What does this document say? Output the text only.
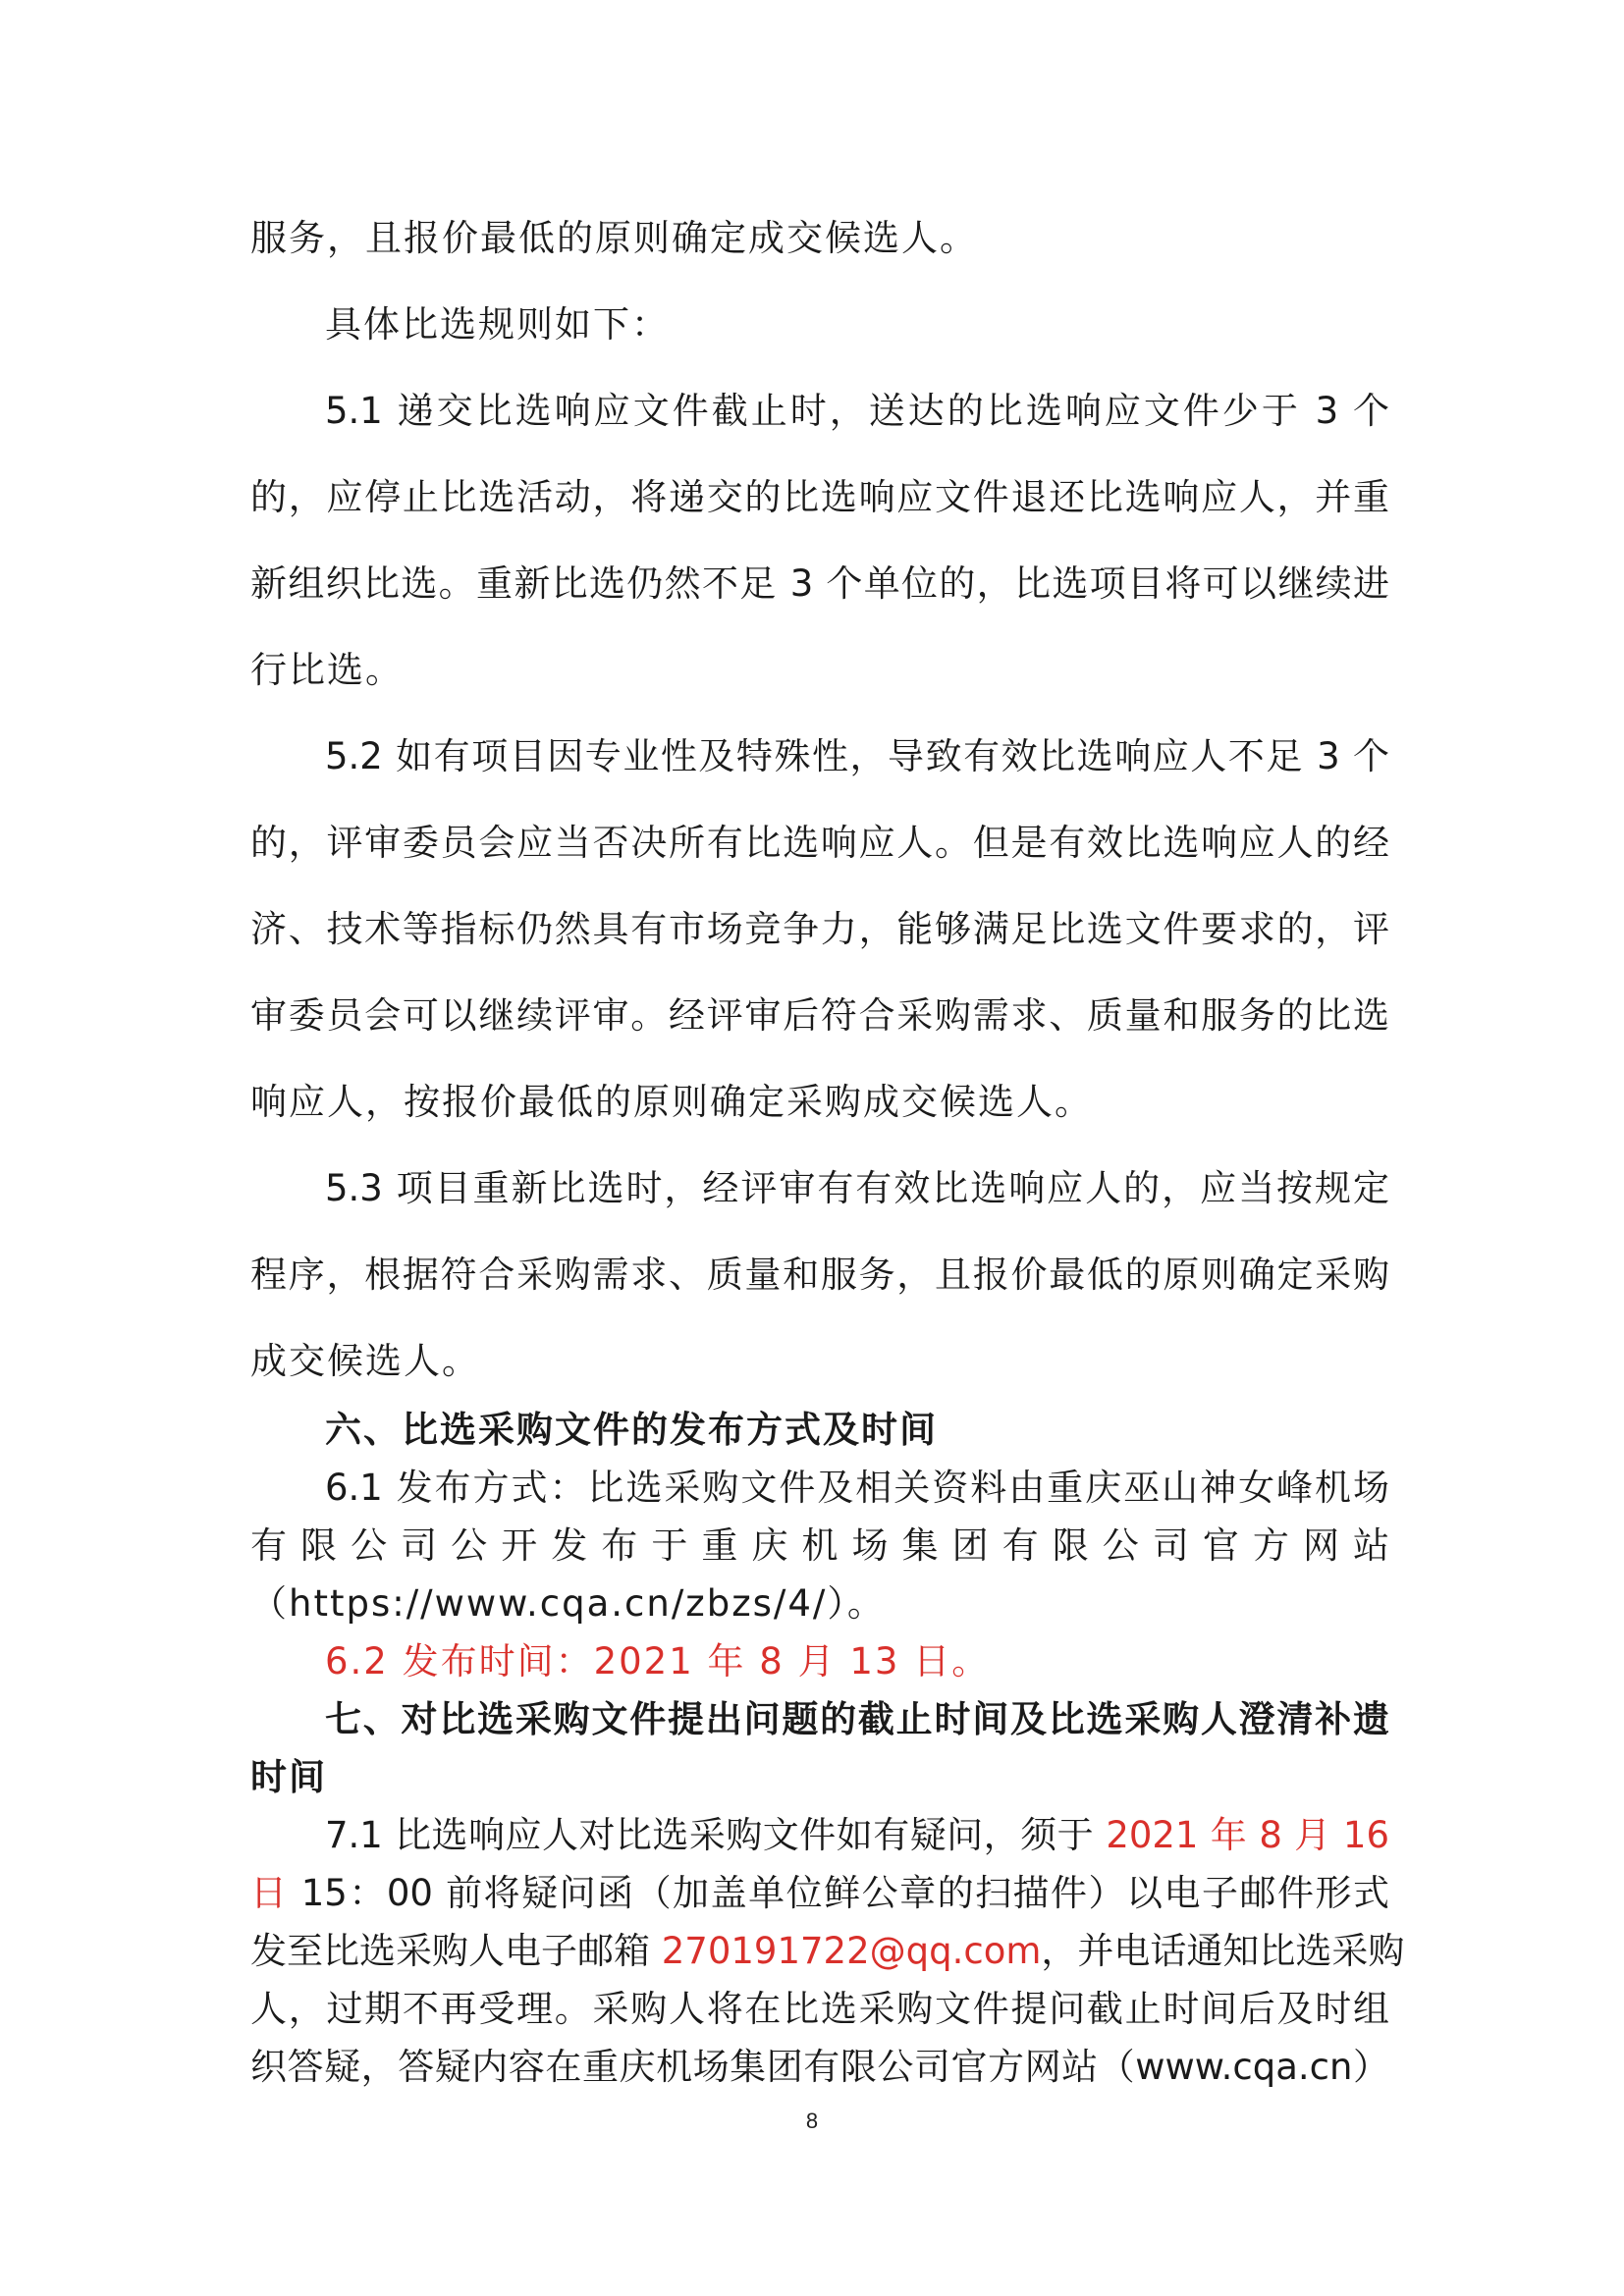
服务，且报价最低的原则确定成交候选人。
具体比选规则如下：
5.1 递交比选响应文件截止时，送达的比选响应文件少于 3 个
的，应停止比选活动，将递交的比选响应文件退还比选响应人，并重
新组织比选。重新比选仍然不足 3 个单位的，比选项目将可以继续进
行比选。
5.2 如有项目因专业性及特殊性，导致有效比选响应人不足 3 个
的，评审委员会应当否决所有比选响应人。但是有效比选响应人的经
济、技术等指标仍然具有市场竞争力，能够满足比选文件要求的，评
审委员会可以继续评审。经评审后符合采购需求、质量和服务的比选
响应人，按报价最低的原则确定采购成交候选人。
5.3 项目重新比选时，经评审有有效比选响应人的，应当按规定
程序，根据符合采购需求、质量和服务，且报价最低的原则确定采购
成交候选人。
六、比选采购文件的发布方式及时间
6.1 发布方式：比选采购文件及相关资料由重庆巫山神女峰机场
有限公司公开发布于重庆机场集团有限公司官方网站
（https://www.cqa.cn/zbzs/4/）。
6.2 发布时间：2021 年 8 月 13 日。
七、对比选采购文件提出问题的截止时间及比选采购人澄清补遗
时间
7.1 比选响应人对比选采购文件如有疑问，须于 2021 年 8 月 16
日 15：00 前将疑问函（加盖单位鲜公章的扫描件）以电子邮件形式
发至比选采购人电子邮箱 270191722@qq.com，并电话通知比选采购
人，过期不再受理。采购人将在比选采购文件提问截止时间后及时组
织答疑，答疑内容在重庆机场集团有限公司官方网站（www.cqa.cn）
8
